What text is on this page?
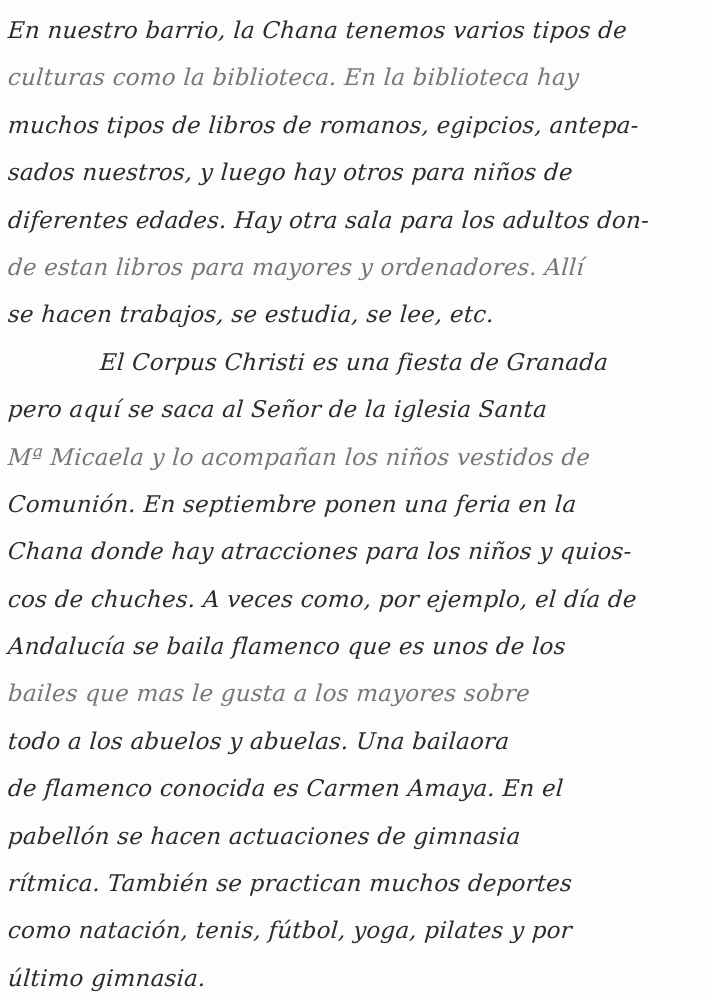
En nuestro barrio, la Chana tenemos varios tipos de
culturas como la biblioteca. En la biblioteca hay
muchos tipos de libros de romanos, egipcios, antepa-
sados nuestros, y luego hay otros para niños de
diferentes edades. Hay otra sala para los adultos don-
de estan libros para mayores y ordenadores. Allí
se hacen trabajos, se estudia, se lee, etc.
El Corpus Christi es una fiesta de Granada
pero aquí se saca al Señor de la iglesia Santa
Mª Micaela y lo acompañan los niños vestidos de
Comunión. En septiembre ponen una feria en la
Chana donde hay atracciones para los niños y quios-
cos de chuches. A veces como, por ejemplo, el día de
Andalucía se baila flamenco que es unos de los
bailes que mas le gusta a los mayores sobre
todo a los abuelos y abuelas. Una bailaora
de flamenco conocida es Carmen Amaya. En el
pabellón se hacen actuaciones de gimnasia
rítmica. También se practican muchos deportes
como natación, tenis, fútbol, yoga, pilates y por
último gimnasia.
